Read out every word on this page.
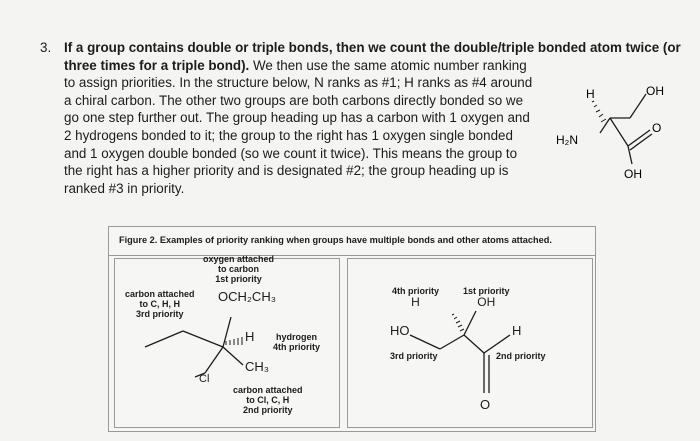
3. If a group contains double or triple bonds, then we count the double/triple bonded atom twice (or
three times for a triple bond). We then use the same atomic number ranking
to assign priorities. In the structure below, N ranks as #1; H ranks as #4 around
a chiral carbon. The other two groups are both carbons directly bonded so we
go one step further out. The group heading up has a carbon with 1 oxygen and
2 hydrogens bonded to it; the group to the right has 1 oxygen single bonded
and 1 oxygen double bonded (so we count it twice). This means the group to
the right has a higher priority and is designated #2; the group heading up is
ranked #3 in priority.
H	OH
H₂N
O
OH
Figure 2. Examples of priority ranking when groups have multiple bonds and other atoms attached.
oxygen attached
to carbon
1st priority
OCH₂CH₃
carbon attached
to C, H, H
3rd priority
H	hydrogen
4th priority
CH₃
Cl
carbon attached
to Cl, C, H
2nd priority
4th priority
H
1st priority
OH
HO
3rd priority
H
2nd priority
O
